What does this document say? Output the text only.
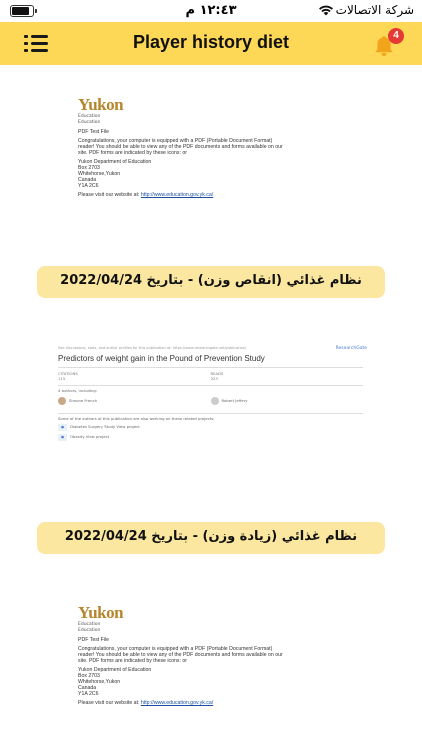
١٢:٤٣ م	شركة الاتصالات
Player history diet	4
Yukon
Education
Education

PDF Test File

Congratulations, your computer is equipped with a PDF (Portable Document Format) reader! You should be able to view any of the PDF documents and forms available on our site. PDF forms are indicated by these icons: or

Yukon Department of Education
Box 2703
Whitehorse,Yukon
Canada
Y1A 2C6

Please visit our website at: http://www.education.gov.yk.ca/

نظام غذائي (انقاص وزن) - بتاريخ 2022/04/24
See discussions, stats, and author profiles for this publication at: https://www.researchgate.net/publication/	ResearchGate
Predictors of weight gain in the Pound of Prevention Study
CITATIONS
115
READS
323
4 authors, including:
Simone French	Robert Jeffery
Some of the authors of this publication are also working on these related projects:
● Diabetes Surgery Study View project
● Obesity View project
نظام غذائي (زيادة وزن) - بتاريخ 2022/04/24
Yukon
Education
Education

PDF Test File

Congratulations, your computer is equipped with a PDF (Portable Document Format) reader! You should be able to view any of the PDF documents and forms available on our site. PDF forms are indicated by these icons: or

Yukon Department of Education
Box 2703
Whitehorse,Yukon
Canada
Y1A 2C6

Please visit our website at: http://www.education.gov.yk.ca/
